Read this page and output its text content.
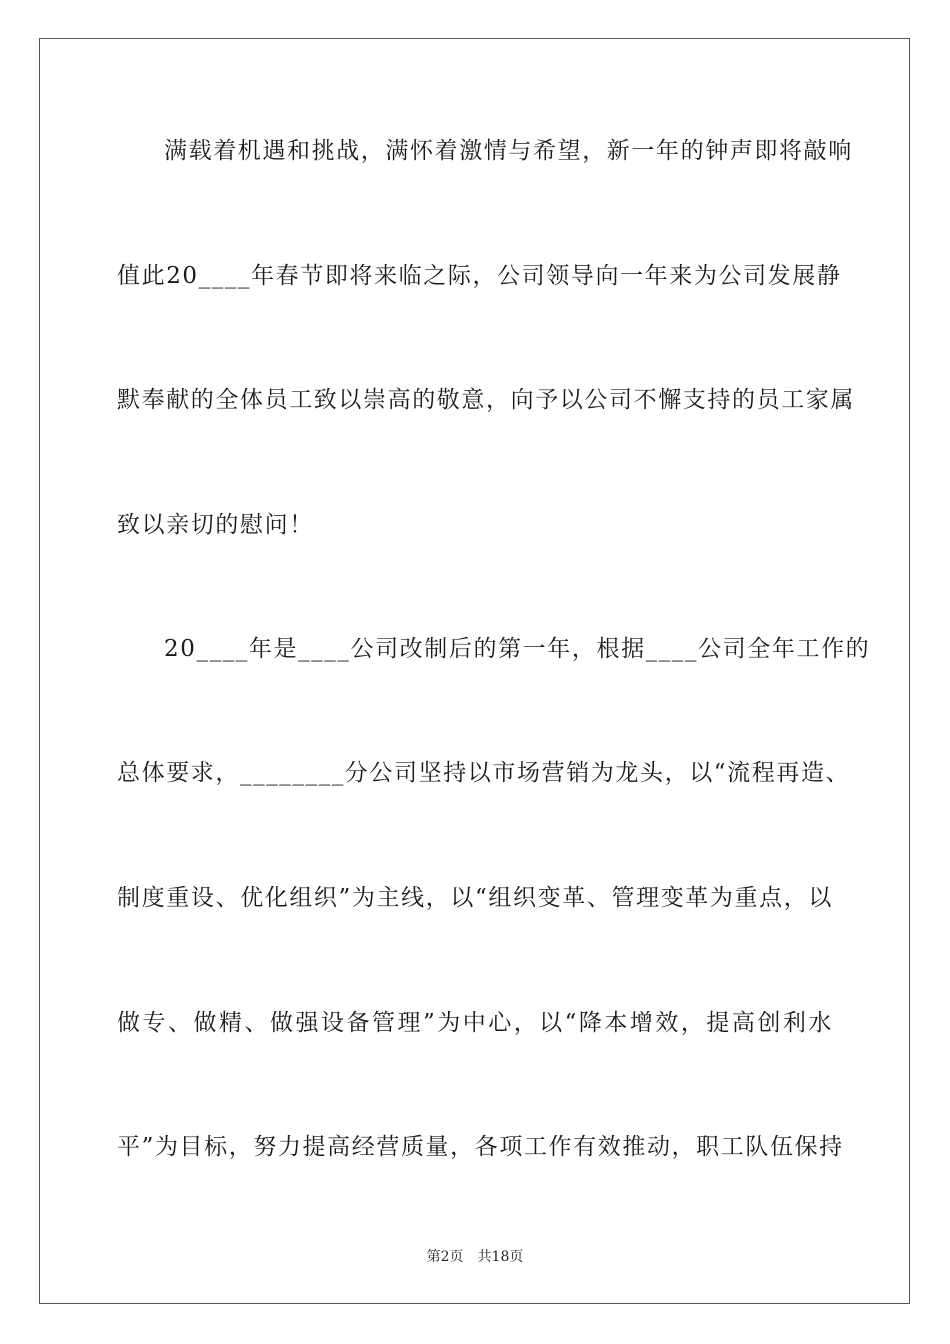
满载着机遇和挑战，满怀着激情与希望，新一年的钟声即将敲响
值此20____年春节即将来临之际，公司领导向一年来为公司发展静
默奉献的全体员工致以崇高的敬意，向予以公司不懈支持的员工家属
致以亲切的慰问！
20____年是____公司改制后的第一年，根据____公司全年工作的
总体要求，________分公司坚持以市场营销为龙头，以“流程再造、
制度重设、优化组织”为主线，以“组织变革、管理变革为重点，以
做专、做精、做强设备管理”为中心，以“降本增效，提高创利水
平”为目标，努力提高经营质量，各项工作有效推动，职工队伍保持
第2页 共18页
